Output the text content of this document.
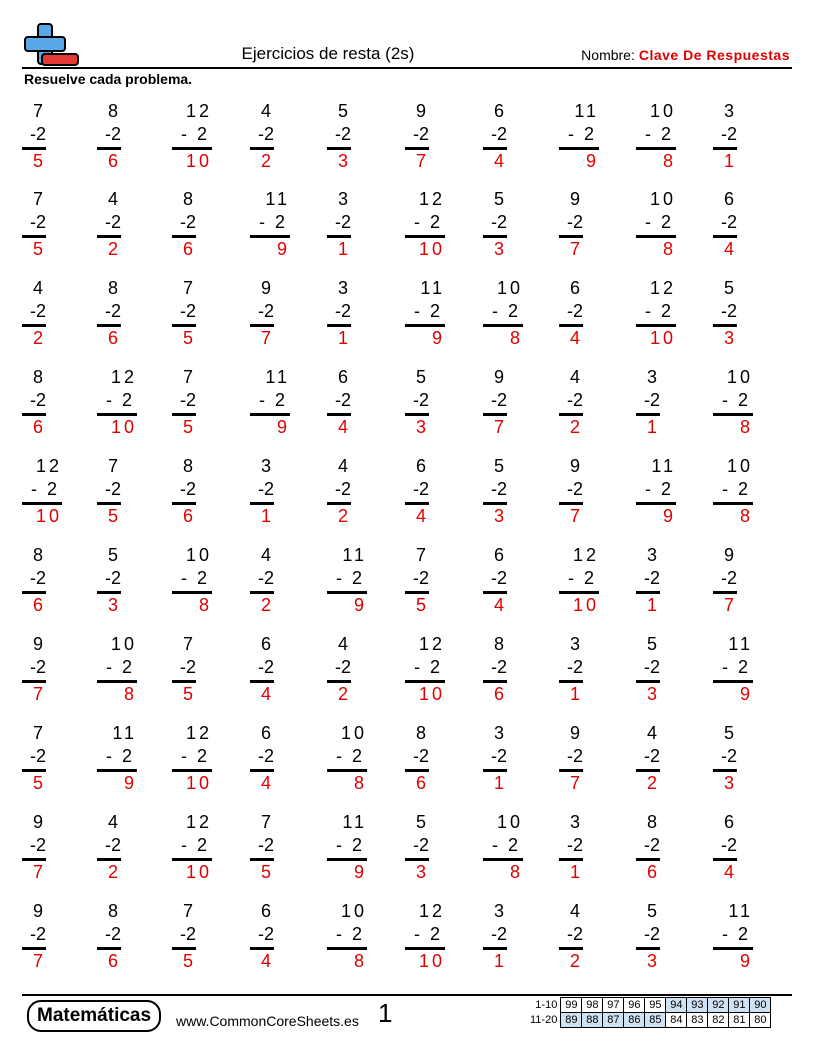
Ejercicios de resta (2s)	Nombre: Clave De Respuestas
Resuelve cada problema.
7
-2
5
8
-2
6
12
-  2
10
4
-2
2
5
-2
3
9
-2
7
6
-2
4
11
-  2
9
10
-  2
8
3
-2
1
7
-2
5
4
-2
2
8
-2
6
11
-  2
9
3
-2
1
12
-  2
10
5
-2
3
9
-2
7
10
-  2
8
6
-2
4
4
-2
2
8
-2
6
7
-2
5
9
-2
7
3
-2
1
11
-  2
9
10
-  2
8
6
-2
4
12
-  2
10
5
-2
3
8
-2
6
12
-  2
10
7
-2
5
11
-  2
9
6
-2
4
5
-2
3
9
-2
7
4
-2
2
3
-2
1
10
-  2
8
12
-  2
10
7
-2
5
8
-2
6
3
-2
1
4
-2
2
6
-2
4
5
-2
3
9
-2
7
11
-  2
9
10
-  2
8
8
-2
6
5
-2
3
10
-  2
8
4
-2
2
11
-  2
9
7
-2
5
6
-2
4
12
-  2
10
3
-2
1
9
-2
7
9
-2
7
10
-  2
8
7
-2
5
6
-2
4
4
-2
2
12
-  2
10
8
-2
6
3
-2
1
5
-2
3
11
-  2
9
7
-2
5
11
-  2
9
12
-  2
10
6
-2
4
10
-  2
8
8
-2
6
3
-2
1
9
-2
7
4
-2
2
5
-2
3
9
-2
7
4
-2
2
12
-  2
10
7
-2
5
11
-  2
9
5
-2
3
10
-  2
8
3
-2
1
8
-2
6
6
-2
4
9
-2
7
8
-2
6
7
-2
5
6
-2
4
10
-  2
8
12
-  2
10
3
-2
1
4
-2
2
5
-2
3
11
-  2
9
Matemáticas	www.CommonCoreSheets.es 1	1-10	99	98	97	96	95	94	93	92	91	90
11-20	89	88	87	86	85	84	83	82	81	80
